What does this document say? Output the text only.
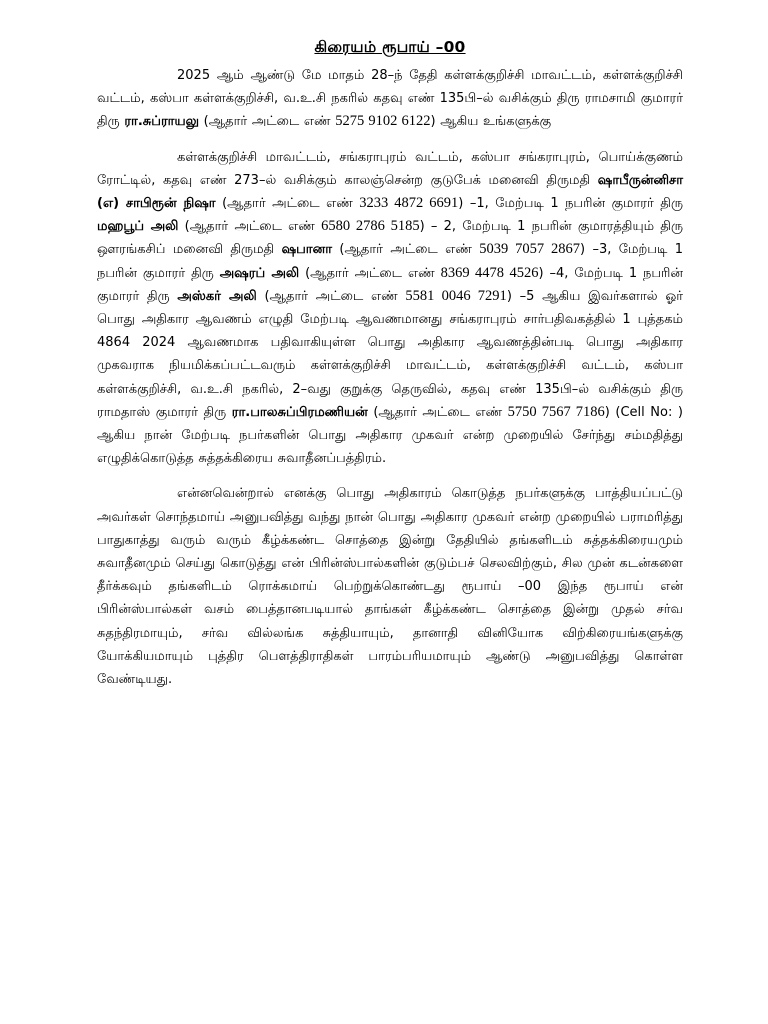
கிரையம் ரூபாய் –00

2025 ஆம் ஆண்டு மே மாதம் 28–ந் தேதி கள்ளக்குறிச்சி மாவட்டம், கள்ளக்குறிச்சி வட்டம், கஸ்பா கள்ளக்குறிச்சி, வ.உ.சி நகரில் கதவு எண் 135பி–ல் வசிக்கும் திரு ராமசாமி குமாரர் திரு ரா.சுப்ராயலு (ஆதார் அட்டை எண் 5275 9102 6122) ஆகிய உங்களுக்கு

கள்ளக்குறிச்சி மாவட்டம், சங்கராபுரம் வட்டம், கஸ்பா சங்கராபுரம், பொய்க்குணம் ரோட்டில், கதவு எண் 273–ல் வசிக்கும் காலஞ்சென்ற குடுபேக் மனைவி திருமதி ஷாபீருன்னிசா (எ) சாபிரூன் நிஷா (ஆதார் அட்டை எண் 3233 4872 6691) –1, மேற்படி 1 நபரின் குமாரர் திரு மஹபூப் அலி (ஆதார் அட்டை எண் 6580 2786 5185) – 2, மேற்படி 1 நபரின் குமாரத்தியும் திரு ஔரங்கசிப் மனைவி திருமதி ஷபானா (ஆதார் அட்டை எண் 5039 7057 2867) –3, மேற்படி 1 நபரின் குமாரர் திரு அஷரப் அலி (ஆதார் அட்டை எண் 8369 4478 4526) –4, மேற்படி 1 நபரின் குமாரர் திரு அஸ்கர் அலி (ஆதார் அட்டை எண் 5581 0046 7291) –5 ஆகிய இவர்களால் ஓர் பொது அதிகார ஆவணம் எழுதி மேற்படி ஆவணமானது சங்கராபுரம் சார்பதிவகத்தில் 1 புத்தகம் 4864 2024 ஆவணமாக பதிவாகியுள்ள பொது அதிகார ஆவணத்தின்படி பொது அதிகார முகவராக நியமிக்கப்பட்டவரும் கள்ளக்குறிச்சி மாவட்டம், கள்ளக்குறிச்சி வட்டம், கஸ்பா கள்ளக்குறிச்சி, வ.உ.சி நகரில், 2–வது குறுக்கு தெருவில், கதவு எண் 135பி–ல் வசிக்கும் திரு ராமதாஸ் குமாரர் திரு ரா.பாலசுப்பிரமணியன் (ஆதார் அட்டை எண் 5750 7567 7186) (Cell No: ) ஆகிய நான் மேற்படி நபர்களின் பொது அதிகார முகவர் என்ற முறையில் சேர்ந்து சம்மதித்து எழுதிக்கொடுத்த சுத்தக்கிரைய சுவாதீனப்பத்திரம்.

என்னவென்றால் எனக்கு பொது அதிகாரம் கொடுத்த நபர்களுக்கு பாத்தியப்பட்டு அவர்கள் சொந்தமாய் அனுபவித்து வந்து நான் பொது அதிகார முகவர் என்ற முறையில் பராமரித்து பாதுகாத்து வரும் வரும் கீழ்க்கண்ட சொத்தை இன்று தேதியில் தங்களிடம் சுத்தக்கிரையமும் சுவாதீனமும் செய்து கொடுத்து என் பிரின்ஸ்பால்களின் குடும்பச் செலவிற்கும், சில முன் கடன்களை தீர்க்கவும் தங்களிடம் ரொக்கமாய் பெற்றுக்கொண்டது ரூபாய் –00 இந்த ரூபாய் என் பிரின்ஸ்பால்கள் வசம் பைத்தானபடியால் தாங்கள் கீழ்க்கண்ட சொத்தை இன்று முதல் சர்வ சுதந்திரமாயும், சர்வ வில்லங்க சுத்தியாயும், தானாதி வினியோக விற்கிரையங்களுக்கு யோக்கியமாயும் புத்திர பௌத்திராதிகள் பாரம்பரியமாயும் ஆண்டு அனுபவித்து கொள்ள வேண்டியது.
